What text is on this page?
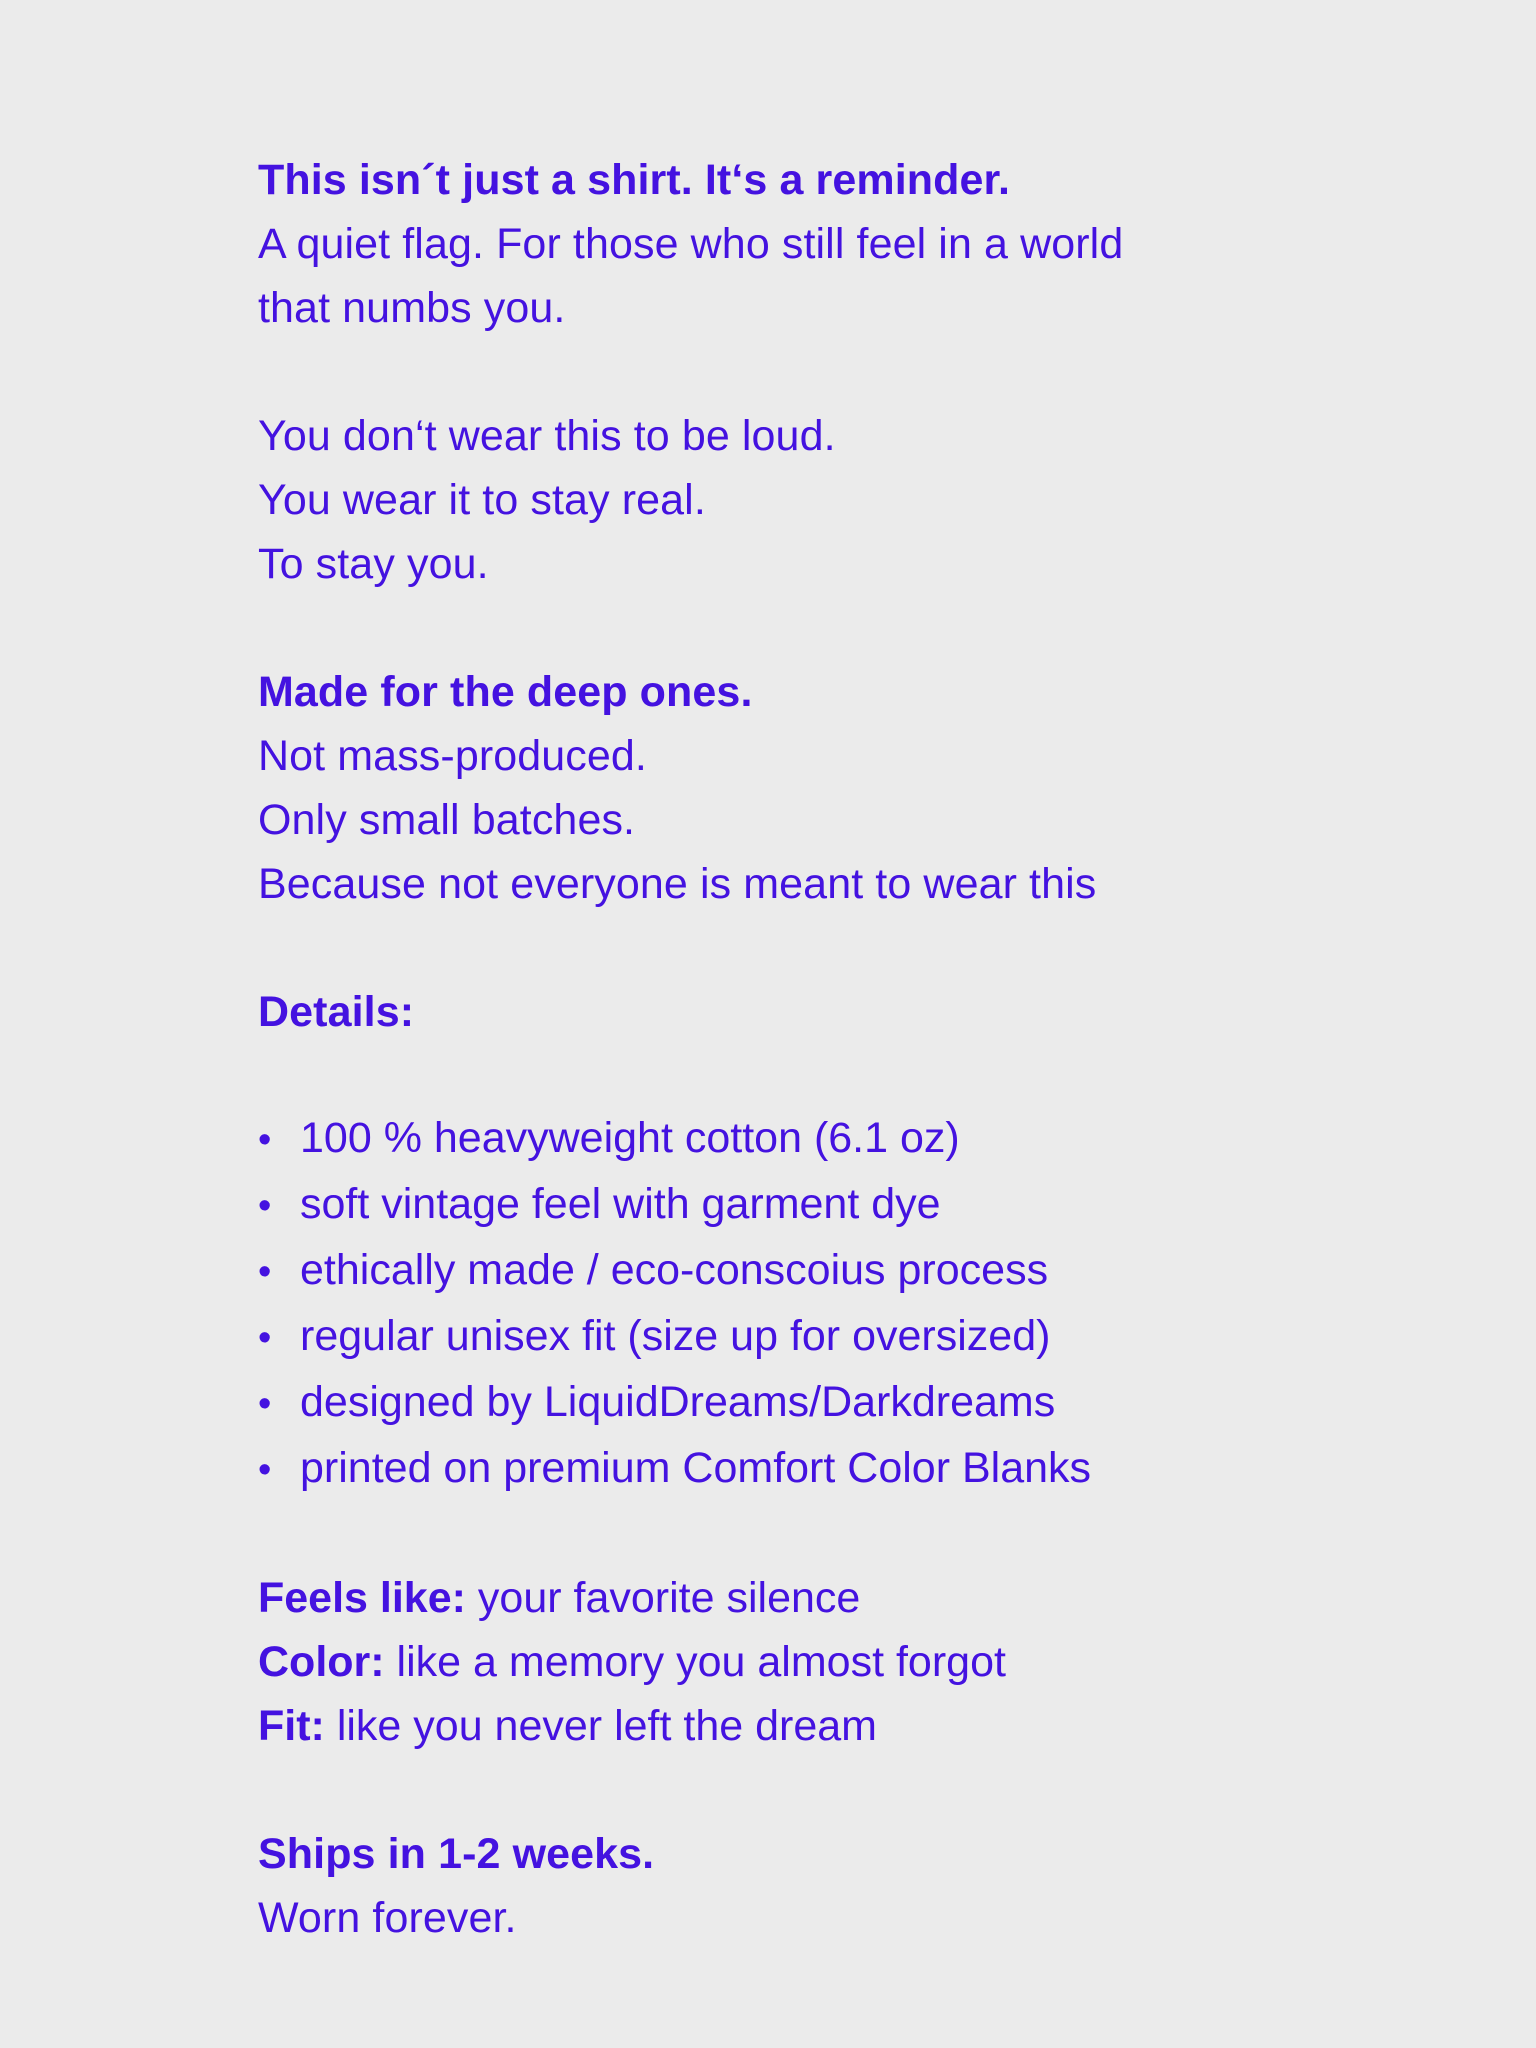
This isn´t just a shirt. It‘s a reminder.
A quiet flag. For those who still feel in a world
that numbs you.
You don‘t wear this to be loud.
You wear it to stay real.
To stay you.
Made for the deep ones.
Not mass-produced.
Only small batches.
Because not everyone is meant to wear this
Details:
• 100 % heavyweight cotton (6.1 oz)
• soft vintage feel with garment dye
• ethically made / eco-conscoius process
• regular unisex fit (size up for oversized)
• designed by LiquidDreams/Darkdreams
• printed on premium Comfort Color Blanks
Feels like: your favorite silence
Color: like a memory you almost forgot
Fit: like you never left the dream
Ships in 1-2 weeks.
Worn forever.
